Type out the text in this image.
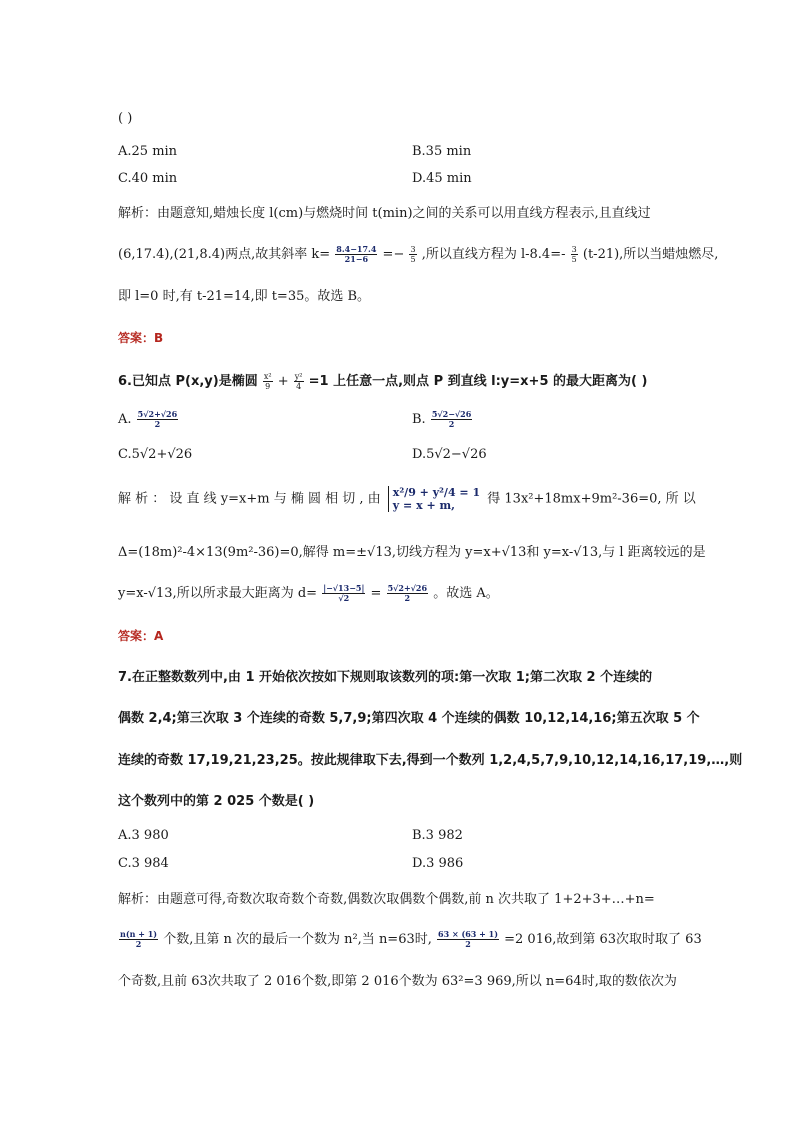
( )
A.25 min	B.35 min
C.40 min	D.45 min
解析：由题意知,蜡烛长度 l(cm)与燃烧时间 t(min)之间的关系可以用直线方程表示,且直线过
(6,17.4),(21,8.4)两点,故其斜率 $k= \frac{8.4-17.4}{21-6} =- \frac{3}{5}$ ,所以直线方程为 $l-8.4=- \frac{3}{5} (t-21)$,所以当蜡烛燃尽,
即 l=0 时,有 t-21=14,即 t=35。故选 B。
答案：B
6.已知点 P(x,y)是椭圆 $\frac{\text{x²}}{9} + \frac{\text{y²}}{4} =1$ 上任意一点,则点 P 到直线 l:y=x+5 的最大距离为( )
A. $\frac{5√2+√26}{2}$	B. $\frac{5√2-√26}{2}$
C.5√2+√26	D.5√2−√26
解 析 ： 设 直 线 y=x+m 与 椭 圆 相 切 , 由 x²/9 + y²/4 = 1
y = x + m,	得 13x²+18mx+9m²-36=0, 所 以
Δ=(18m)²-4×13(9m²-36)=0,解得 m=±√13,切线方程为 y=x+√13和 y=x-√13,与 l 距离较远的是
y=x-√13,所以所求最大距离为 $d= \frac{|-√13-5|}{√2} = \frac{5√2+√26}{2}$ 。故选 A。
答案：A
7.在正整数数列中,由 1 开始依次按如下规则取该数列的项:第一次取 1;第二次取 2 个连续的
偶数 2,4;第三次取 3 个连续的奇数 5,7,9;第四次取 4 个连续的偶数 10,12,14,16;第五次取 5 个
连续的奇数 17,19,21,23,25。按此规律取下去,得到一个数列 1,2,4,5,7,9,10,12,14,16,17,19,…,则
这个数列中的第 2 025 个数是( )
A.3 980	B.3 982
C.3 984	D.3 986
解析：由题意可得,奇数次取奇数个奇数,偶数次取偶数个偶数,前 n 次共取了 1+2+3+…+n=
$\frac{n(n + 1)}{2}$ 个数,且第 n 次的最后一个数为 n²,当 n=63时, $\frac{63 \times (63 + 1)}{2} =2$ 016,故到第 63次取时取了 63
个奇数,且前 63次共取了 2 016个数,即第 2 016个数为 63²=3 969,所以 n=64时,取的数依次为
